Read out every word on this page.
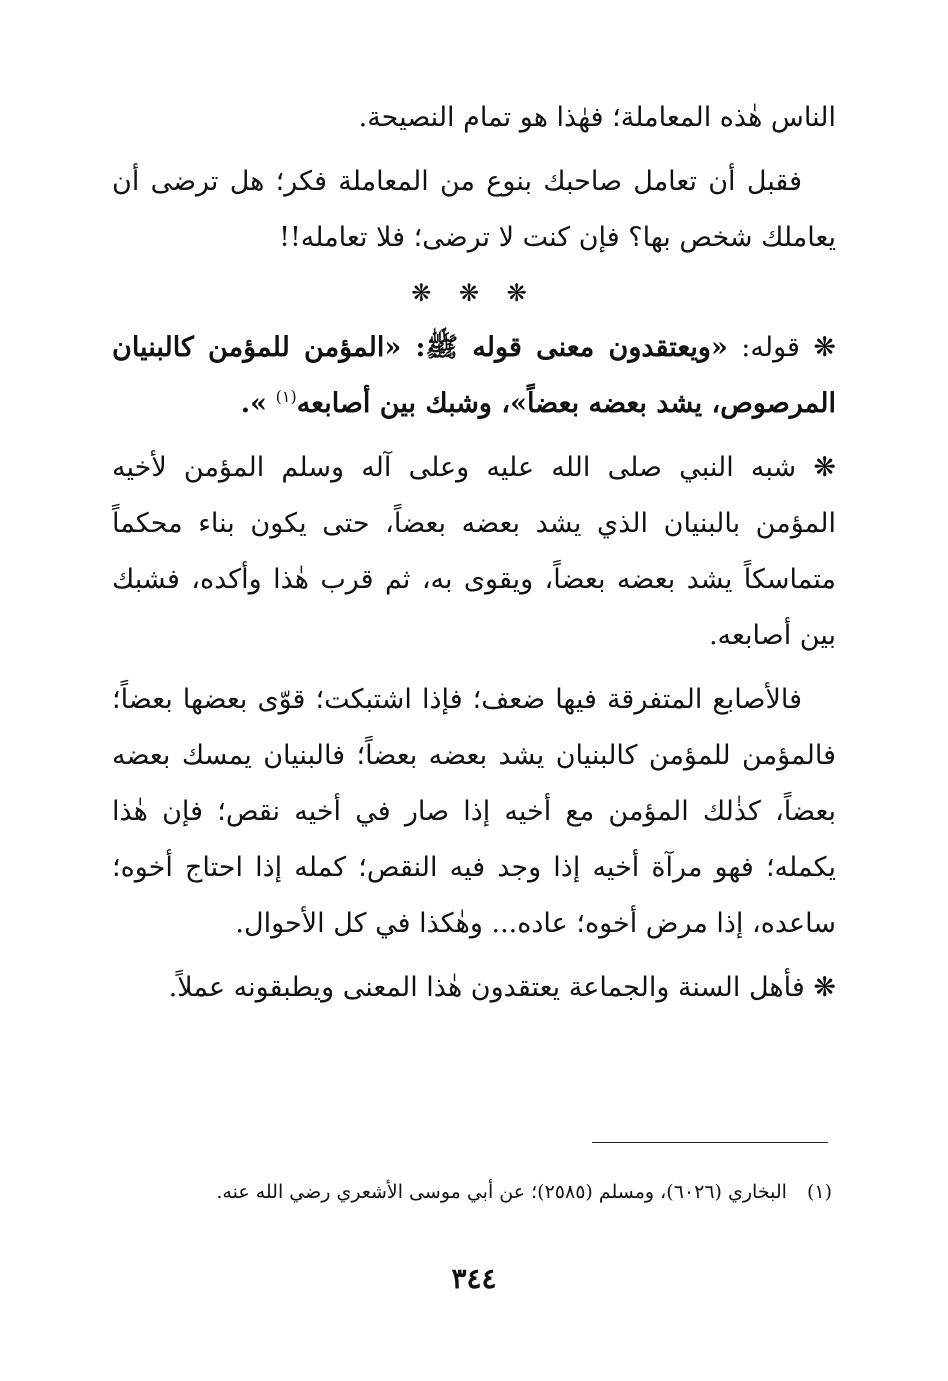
الناس هٰذه المعاملة؛ فهٰذا هو تمام النصيحة.

فقبل أن تعامل صاحبك بنوع من المعاملة فكر؛ هل ترضى أن يعاملك شخص بها؟ فإن كنت لا ترضى؛ فلا تعامله!!

❋ ❋ ❋

❋ قوله: «ويعتقدون معنى قوله ﷺ: «المؤمن للمؤمن كالبنيان المرصوص، يشد بعضه بعضاً»، وشبك بين أصابعه$^{(١)}$ ».

❋ شبه النبي صلى الله عليه وعلى آله وسلم المؤمن لأخيه المؤمن بالبنيان الذي يشد بعضه بعضاً، حتى يكون بناء محكماً متماسكاً يشد بعضه بعضاً، ويقوى به، ثم قرب هٰذا وأكده، فشبك بين أصابعه.

فالأصابع المتفرقة فيها ضعف؛ فإذا اشتبكت؛ قوّى بعضها بعضاً؛ فالمؤمن للمؤمن كالبنيان يشد بعضه بعضاً؛ فالبنيان يمسك بعضه بعضاً، كذٰلك المؤمن مع أخيه إذا صار في أخيه نقص؛ فإن هٰذا يكمله؛ فهو مرآة أخيه إذا وجد فيه النقص؛ كمله إذا احتاج أخوه؛ ساعده، إذا مرض أخوه؛ عاده... وهٰكذا في كل الأحوال.

❋ فأهل السنة والجماعة يعتقدون هٰذا المعنى ويطبقونه عملاً.

(١) البخاري (٦٠٢٦)، ومسلم (٢٥٨٥)؛ عن أبي موسى الأشعري رضي الله عنه.
٣٤٤
